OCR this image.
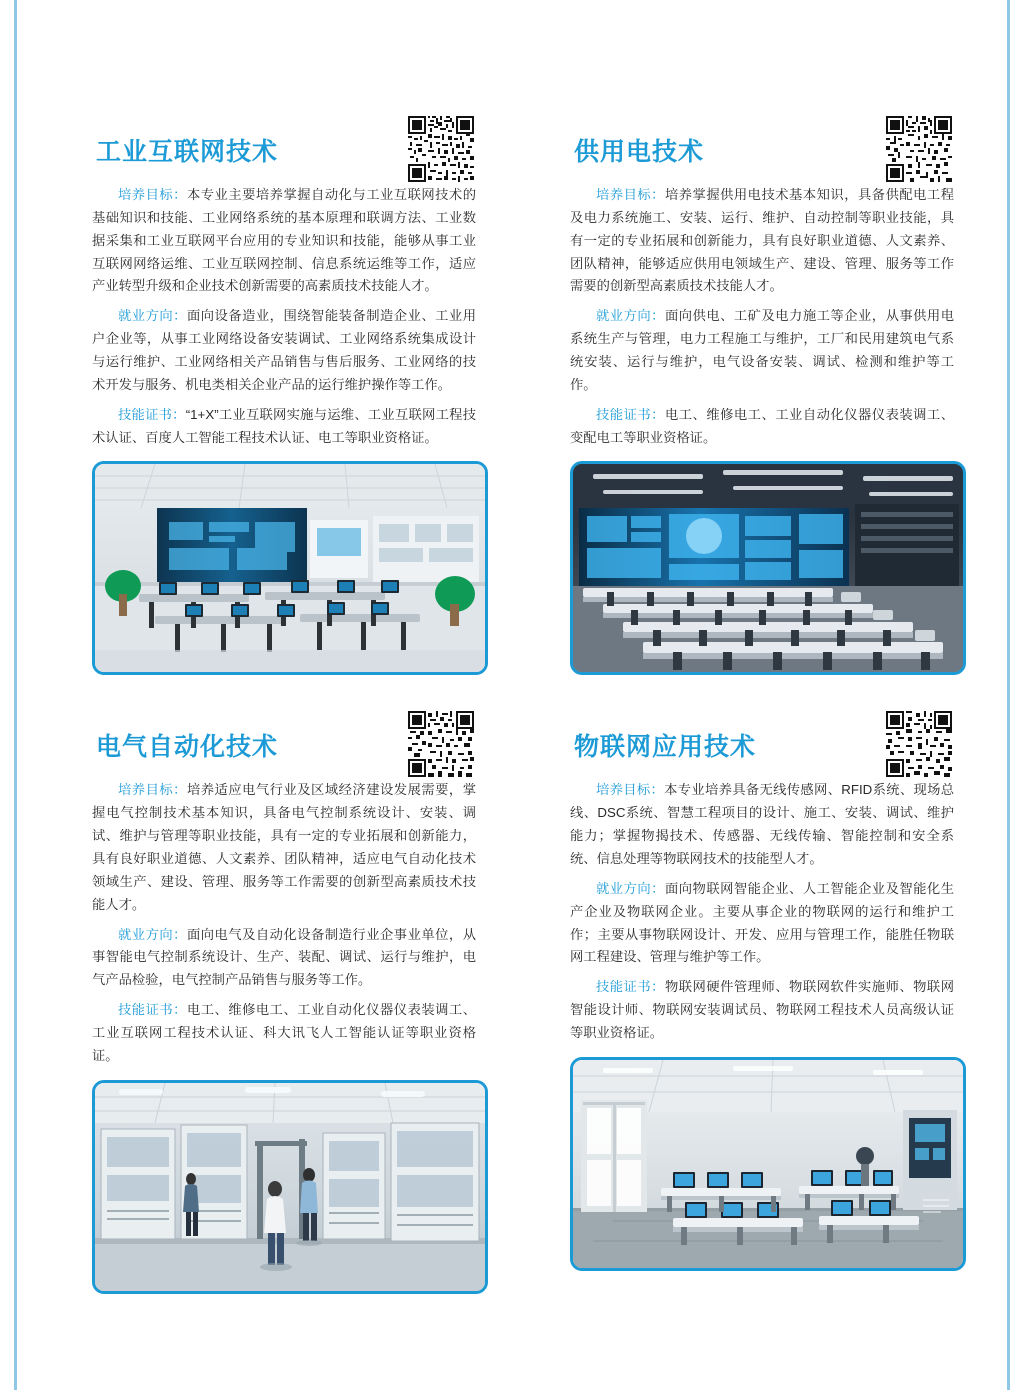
工业互联网技术

培养目标：本专业主要培养掌握自动化与工业互联网技术的基础知识和技能、工业网络系统的基本原理和联调方法、工业数据采集和工业互联网平台应用的专业知识和技能，能够从事工业互联网网络运维、工业互联网控制、信息系统运维等工作，适应产业转型升级和企业技术创新需要的高素质技术技能人才。

就业方向：面向设备造业，围绕智能装备制造企业、工业用户企业等，从事工业网络设备安装调试、工业网络系统集成设计与运行维护、工业网络相关产品销售与售后服务、工业网络的技术开发与服务、机电类相关企业产品的运行维护操作等工作。

技能证书：“1+X”工业互联网实施与运维、工业互联网工程技术认证、百度人工智能工程技术认证、电工等职业资格证。

供用电技术

培养目标：培养掌握供用电技术基本知识，具备供配电工程及电力系统施工、安装、运行、维护、自动控制等职业技能，具有一定的专业拓展和创新能力，具有良好职业道德、人文素养、团队精神，能够适应供用电领域生产、建设、管理、服务等工作需要的创新型高素质技术技能人才。

就业方向：面向供电、工矿及电力施工等企业，从事供用电系统生产与管理，电力工程施工与维护，工厂和民用建筑电气系统安装、运行与维护，电气设备安装、调试、检测和维护等工作。

技能证书：电工、维修电工、工业自动化仪器仪表装调工、变配电工等职业资格证。

电气自动化技术

培养目标：培养适应电气行业及区域经济建设发展需要，掌握电气控制技术基本知识，具备电气控制系统设计、安装、调试、维护与管理等职业技能，具有一定的专业拓展和创新能力，具有良好职业道德、人文素养、团队精神，适应电气自动化技术领域生产、建设、管理、服务等工作需要的创新型高素质技术技能人才。

就业方向：面向电气及自动化设备制造行业企事业单位，从事智能电气控制系统设计、生产、装配、调试、运行与维护，电气产品检验，电气控制产品销售与服务等工作。

技能证书：电工、维修电工、工业自动化仪器仪表装调工、工业互联网工程技术认证、科大讯飞人工智能认证等职业资格证。

物联网应用技术

培养目标：本专业培养具备无线传感网、RFID系统、现场总线、DSC系统、智慧工程项目的设计、施工、安装、调试、维护能力；掌握物揭技术、传感器、无线传输、智能控制和安全系统、信息处理等物联网技术的技能型人才。

就业方向：面向物联网智能企业、人工智能企业及智能化生产企业及物联网企业。主要从事企业的物联网的运行和维护工作；主要从事物联网设计、开发、应用与管理工作，能胜任物联网工程建设、管理与维护等工作。

技能证书：物联网硬件管理师、物联网软件实施师、物联网智能设计师、物联网安装调试员、物联网工程技术人员高级认证等职业资格证。
